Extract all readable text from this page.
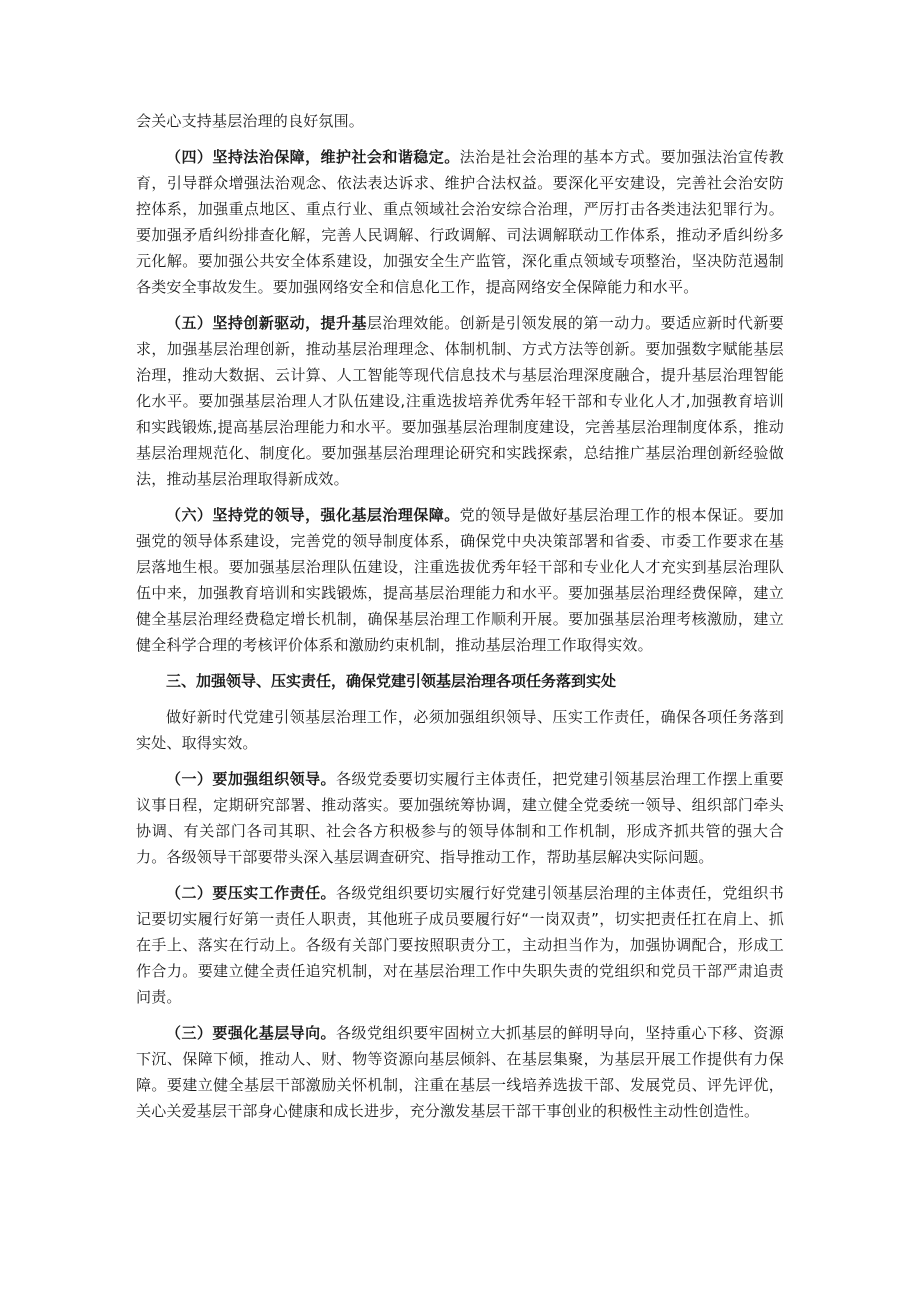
会关心支持基层治理的良好氛围。

（四）坚持法治保障，维护社会和谐稳定。法治是社会治理的基本方式。要加强法治宣传教育，引导群众增强法治观念、依法表达诉求、维护合法权益。要深化平安建设，完善社会治安防控体系，加强重点地区、重点行业、重点领域社会治安综合治理，严厉打击各类违法犯罪行为。要加强矛盾纠纷排查化解，完善人民调解、行政调解、司法调解联动工作体系，推动矛盾纠纷多元化解。要加强公共安全体系建设，加强安全生产监管，深化重点领域专项整治，坚决防范遏制各类安全事故发生。要加强网络安全和信息化工作，提高网络安全保障能力和水平。

（五）坚持创新驱动，提升基层治理效能。创新是引领发展的第一动力。要适应新时代新要求，加强基层治理创新，推动基层治理理念、体制机制、方式方法等创新。要加强数字赋能基层治理，推动大数据、云计算、人工智能等现代信息技术与基层治理深度融合，提升基层治理智能化水平。要加强基层治理人才队伍建设,注重选拔培养优秀年轻干部和专业化人才,加强教育培训和实践锻炼,提高基层治理能力和水平。要加强基层治理制度建设，完善基层治理制度体系，推动基层治理规范化、制度化。要加强基层治理理论研究和实践探索，总结推广基层治理创新经验做法，推动基层治理取得新成效。

（六）坚持党的领导，强化基层治理保障。党的领导是做好基层治理工作的根本保证。要加强党的领导体系建设，完善党的领导制度体系，确保党中央决策部署和省委、市委工作要求在基层落地生根。要加强基层治理队伍建设，注重选拔优秀年轻干部和专业化人才充实到基层治理队伍中来，加强教育培训和实践锻炼，提高基层治理能力和水平。要加强基层治理经费保障，建立健全基层治理经费稳定增长机制，确保基层治理工作顺利开展。要加强基层治理考核激励，建立健全科学合理的考核评价体系和激励约束机制，推动基层治理工作取得实效。

三、加强领导、压实责任，确保党建引领基层治理各项任务落到实处

做好新时代党建引领基层治理工作，必须加强组织领导、压实工作责任，确保各项任务落到实处、取得实效。

（一）要加强组织领导。各级党委要切实履行主体责任，把党建引领基层治理工作摆上重要议事日程，定期研究部署、推动落实。要加强统筹协调，建立健全党委统一领导、组织部门牵头协调、有关部门各司其职、社会各方积极参与的领导体制和工作机制，形成齐抓共管的强大合力。各级领导干部要带头深入基层调查研究、指导推动工作，帮助基层解决实际问题。

（二）要压实工作责任。各级党组织要切实履行好党建引领基层治理的主体责任，党组织书记要切实履行好第一责任人职责，其他班子成员要履行好“一岗双责”，切实把责任扛在肩上、抓在手上、落实在行动上。各级有关部门要按照职责分工，主动担当作为，加强协调配合，形成工作合力。要建立健全责任追究机制，对在基层治理工作中失职失责的党组织和党员干部严肃追责问责。

（三）要强化基层导向。各级党组织要牢固树立大抓基层的鲜明导向，坚持重心下移、资源下沉、保障下倾，推动人、财、物等资源向基层倾斜、在基层集聚，为基层开展工作提供有力保障。要建立健全基层干部激励关怀机制，注重在基层一线培养选拔干部、发展党员、评先评优，关心关爱基层干部身心健康和成长进步，充分激发基层干部干事创业的积极性主动性创造性。
